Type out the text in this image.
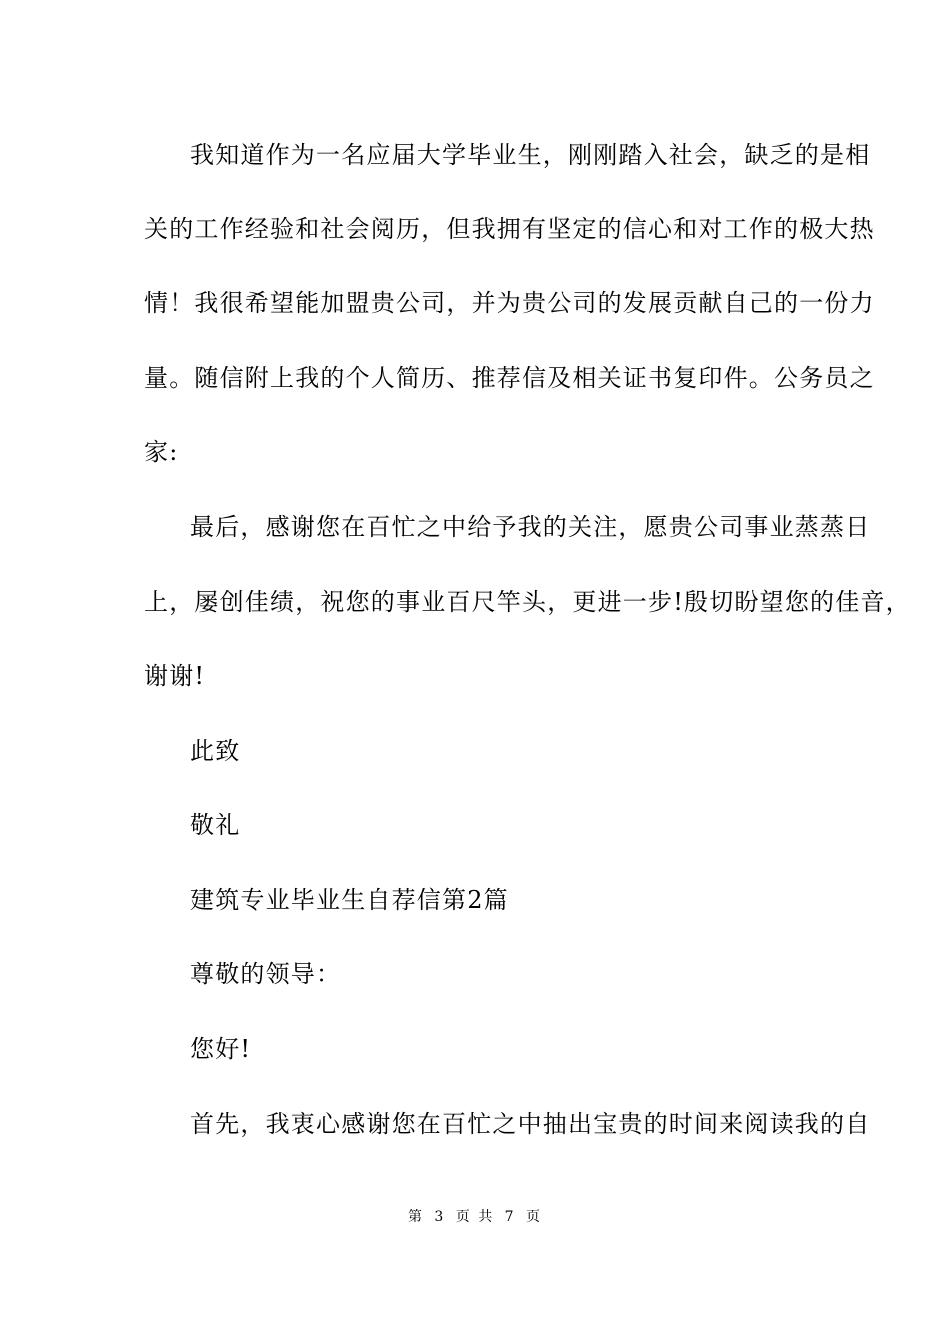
我知道作为一名应届大学毕业生，刚刚踏入社会，缺乏的是相
关的工作经验和社会阅历，但我拥有坚定的信心和对工作的极大热
情！我很希望能加盟贵公司，并为贵公司的发展贡献自己的一份力
量。随信附上我的个人简历、推荐信及相关证书复印件。公务员之
家:
最后，感谢您在百忙之中给予我的关注，愿贵公司事业蒸蒸日
上，屡创佳绩，祝您的事业百尺竿头，更进一步!殷切盼望您的佳音，
谢谢!
此致
敬礼
建筑专业毕业生自荐信第2篇
尊敬的领导：
您好!
首先，我衷心感谢您在百忙之中抽出宝贵的时间来阅读我的自
第 3 页 共 7 页
